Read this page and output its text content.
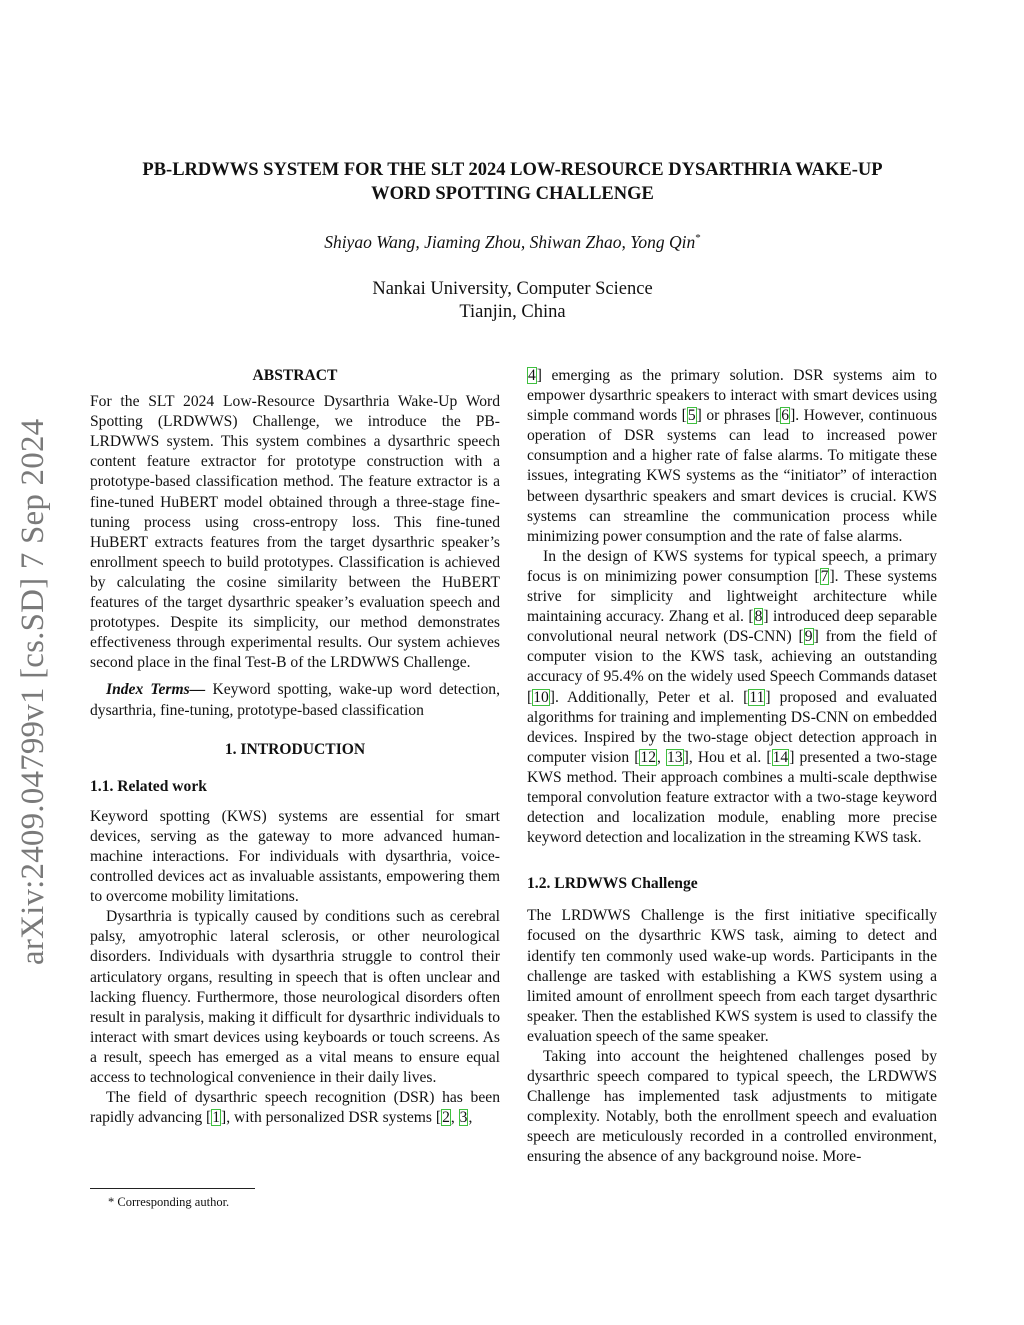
arXiv:2409.04799v1 [cs.SD] 7 Sep 2024
PB-LRDWWS SYSTEM FOR THE SLT 2024 LOW-RESOURCE DYSARTHRIA WAKE-UP
WORD SPOTTING CHALLENGE
Shiyao Wang, Jiaming Zhou, Shiwan Zhao, Yong Qin*
Nankai University, Computer Science
Tianjin, China

ABSTRACT

For the SLT 2024 Low-Resource Dysarthria Wake-Up Word Spotting (LRDWWS) Challenge, we introduce the PB-LRDWWS system. This system combines a dysarthric speech content feature extractor for prototype construction with a prototype-based classification method. The feature extractor is a fine-tuned HuBERT model obtained through a three-stage fine-tuning process using cross-entropy loss. This fine-tuned HuBERT extracts features from the target dysarthric speaker’s enrollment speech to build prototypes. Classification is achieved by calculating the cosine similarity between the HuBERT features of the target dysarthric speaker’s evaluation speech and prototypes. Despite its simplicity, our method demonstrates effectiveness through experimental results. Our system achieves second place in the final Test-B of the LRDWWS Challenge.

Index Terms— Keyword spotting, wake-up word detection, dysarthria, fine-tuning, prototype-based classification

1. INTRODUCTION

1.1. Related work

Keyword spotting (KWS) systems are essential for smart devices, serving as the gateway to more advanced human-machine interactions. For individuals with dysarthria, voice-controlled devices act as invaluable assistants, empowering them to overcome mobility limitations.

Dysarthria is typically caused by conditions such as cerebral palsy, amyotrophic lateral sclerosis, or other neurological disorders. Individuals with dysarthria struggle to control their articulatory organs, resulting in speech that is often unclear and lacking fluency. Furthermore, those neurological disorders often result in paralysis, making it difficult for dysarthric individuals to interact with smart devices using keyboards or touch screens. As a result, speech has emerged as a vital means to ensure equal access to technological convenience in their daily lives.

The field of dysarthric speech recognition (DSR) has been rapidly advancing [1], with personalized DSR systems [2, 3,

4] emerging as the primary solution. DSR systems aim to empower dysarthric speakers to interact with smart devices using simple command words [5] or phrases [6]. However, continuous operation of DSR systems can lead to increased power consumption and a higher rate of false alarms. To mitigate these issues, integrating KWS systems as the “initiator” of interaction between dysarthric speakers and smart devices is crucial. KWS systems can streamline the communication process while minimizing power consumption and the rate of false alarms.

In the design of KWS systems for typical speech, a primary focus is on minimizing power consumption [7]. These systems strive for simplicity and lightweight architecture while maintaining accuracy. Zhang et al. [8] introduced deep separable convolutional neural network (DS-CNN) [9] from the field of computer vision to the KWS task, achieving an outstanding accuracy of 95.4% on the widely used Speech Commands dataset [10]. Additionally, Peter et al. [11] proposed and evaluated algorithms for training and implementing DS-CNN on embedded devices. Inspired by the two-stage object detection approach in computer vision [12, 13], Hou et al. [14] presented a two-stage KWS method. Their approach combines a multi-scale depthwise temporal convolution feature extractor with a two-stage keyword detection and localization module, enabling more precise keyword detection and localization in the streaming KWS task.

1.2. LRDWWS Challenge

The LRDWWS Challenge is the first initiative specifically focused on the dysarthric KWS task, aiming to detect and identify ten commonly used wake-up words. Participants in the challenge are tasked with establishing a KWS system using a limited amount of enrollment speech from each target dysarthric speaker. Then the established KWS system is used to classify the evaluation speech of the same speaker.

Taking into account the heightened challenges posed by dysarthric speech compared to typical speech, the LRDWWS Challenge has implemented task adjustments to mitigate complexity. Notably, both the enrollment speech and evaluation speech are meticulously recorded in a controlled environment, ensuring the absence of any background noise. More-

* Corresponding author.
